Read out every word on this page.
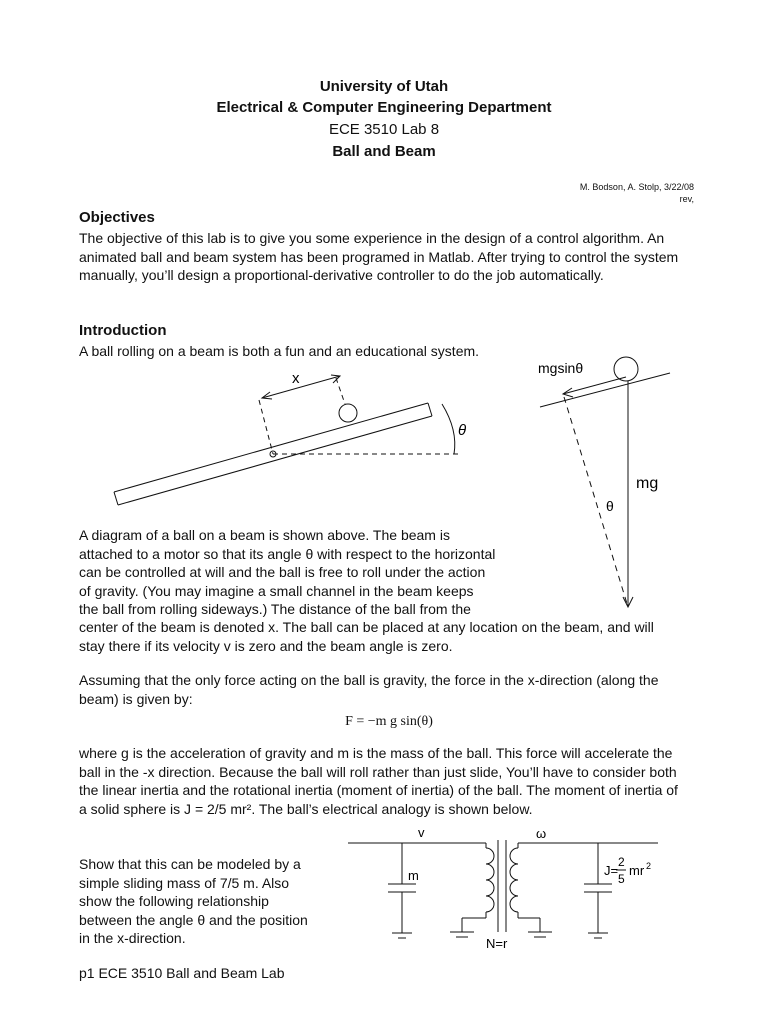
University of Utah
Electrical & Computer Engineering Department
ECE 3510 Lab 8
Ball and Beam
M. Bodson, A. Stolp, 3/22/08
rev,
Objectives
The objective of this lab is to give you some experience in the design of a control algorithm. An animated ball and beam system has been programed in Matlab. After trying to control the system manually, you’ll design a proportional-derivative controller to do the job automatically.
Introduction
A ball rolling on a beam is both a fun and an educational system.
x
θ
mgsinθ
mg
θ
A diagram of a ball on a beam is shown above. The beam is
attached to a motor so that its angle θ with respect to the horizontal
can be controlled at will and the ball is free to roll under the action
of gravity. (You may imagine a small channel in the beam keeps
the ball from rolling sideways.) The distance of the ball from the
center of the beam is denoted x. The ball can be placed at any location on the beam, and will stay there if its velocity v is zero and the beam angle is zero.
Assuming that the only force acting on the ball is gravity, the force in the x-direction (along the beam) is given by:
F = −m g sin(θ)
where g is the acceleration of gravity and m is the mass of the ball. This force will accelerate the ball in the -x direction. Because the ball will roll rather than just slide, You’ll have to consider both the linear inertia and the rotational inertia (moment of inertia) of the ball. The moment of inertia of a solid sphere is J = 2/5 mr². The ball’s electrical analogy is shown below.
Show that this can be modeled by a
simple sliding mass of 7/5 m. Also
show the following relationship
between the angle θ and the position
in the x-direction.
v	ω
m	J=
2
5
mr 2
N=r
p1 ECE 3510 Ball and Beam Lab
